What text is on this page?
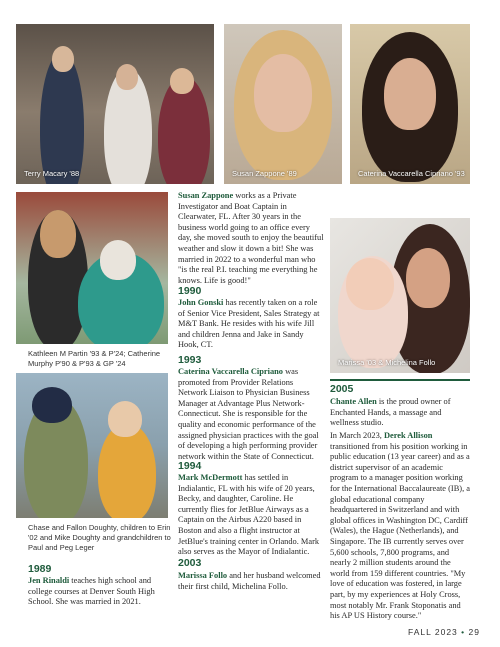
Terry Macary '88	Susan Zappone '89	Caterina Vaccarella Cipriano '93
Kathleen M Partin '93 & P'24; Catherine Murphy P'90 & P'93 & GP '24
Chase and Fallon Doughty, children to Erin '02 and Mike Doughty and grandchildren to Paul and Peg Leger
Marissa '03 & Michelina Follo
Susan Zappone works as a Private Investigator and Boat Captain in Clearwater, FL. After 30 years in the business world going to an office every day, she moved south to enjoy the beautiful weather and slow it down a bit! She was married in 2022 to a wonderful man who "is the real P.I. teaching me everything he knows. Life is good!"
1990
John Gonski has recently taken on a role of Senior Vice President, Sales Strategy at M&T Bank. He resides with his wife Jill and children Jenna and Jake in Sandy Hook, CT.
1993
Caterina Vaccarella Cipriano was promoted from Provider Relations Network Liaison to Physician Business Manager at Advantage Plus Network-Connecticut. She is responsible for the quality and economic performance of the assigned physician practices with the goal of developing a high performing provider network within the State of Connecticut.
1994
Mark McDermott has settled in Indialantic, FL with his wife of 20 years, Becky, and daughter, Caroline. He currently flies for JetBlue Airways as a Captain on the Airbus A220 based in Boston and also a flight instructor at JetBlue's training center in Orlando. Mark also serves as the Mayor of Indialantic.
2003
Marissa Follo and her husband welcomed their first child, Michelina Follo.
1989
Jen Rinaldi teaches high school and college courses at Denver South High School. She was married in 2021.
2005
Chante Allen is the proud owner of Enchanted Hands, a massage and wellness studio.
In March 2023, Derek Allison transitioned from his position working in public education (13 year career) and as a district supervisor of an academic program to a manager position working for the International Baccalaureate (IB), a global educational company headquartered in Switzerland and with global offices in Washington DC, Cardiff (Wales), the Hague (Netherlands), and Singapore. The IB currently serves over 5,600 schools, 7,800 programs, and nearly 2 million students around the world from 159 different countries. "My love of education was fostered, in large part, by my experiences at Holy Cross, most notably Mr. Frank Stoponatis and his AP US History course."
FALL 2023 • 29
